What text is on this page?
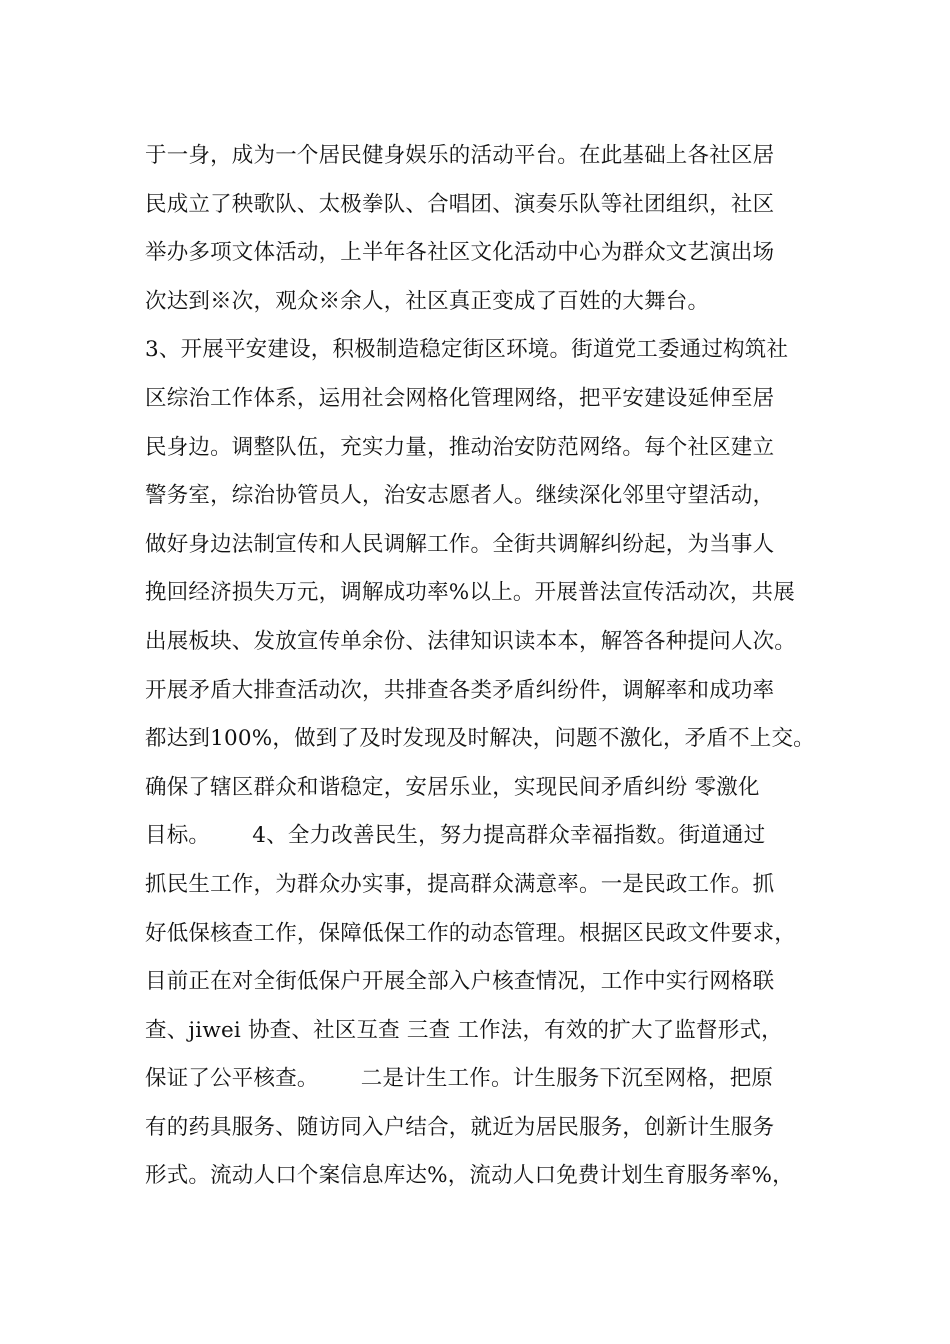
于一身，成为一个居民健身娱乐的活动平台。在此基础上各社区居
民成立了秧歌队、太极拳队、合唱团、演奏乐队等社团组织，社区
举办多项文体活动，上半年各社区文化活动中心为群众文艺演出场
次达到※次，观众※余人，社区真正变成了百姓的大舞台。
3、开展平安建设，积极制造稳定街区环境。街道党工委通过构筑社
区综治工作体系，运用社会网格化管理网络，把平安建设延伸至居
民身边。调整队伍，充实力量，推动治安防范网络。每个社区建立
警务室，综治协管员人，治安志愿者人。继续深化邻里守望活动，
做好身边法制宣传和人民调解工作。全街共调解纠纷起，为当事人
挽回经济损失万元，调解成功率%以上。开展普法宣传活动次，共展
出展板块、发放宣传单余份、法律知识读本本，解答各种提问人次。
开展矛盾大排查活动次，共排查各类矛盾纠纷件，调解率和成功率
都达到100%，做到了及时发现及时解决，问题不激化，矛盾不上交。
确保了辖区群众和谐稳定，安居乐业，实现民间矛盾纠纷 零激化
目标。      4、全力改善民生，努力提高群众幸福指数。街道通过
抓民生工作，为群众办实事，提高群众满意率。一是民政工作。抓
好低保核查工作，保障低保工作的动态管理。根据区民政文件要求，
目前正在对全街低保户开展全部入户核查情况，工作中实行网格联
查、jiwei 协查、社区互查 三查 工作法，有效的扩大了监督形式，
保证了公平核查。      二是计生工作。计生服务下沉至网格，把原
有的药具服务、随访同入户结合，就近为居民服务，创新计生服务
形式。流动人口个案信息库达%，流动人口免费计划生育服务率%，
